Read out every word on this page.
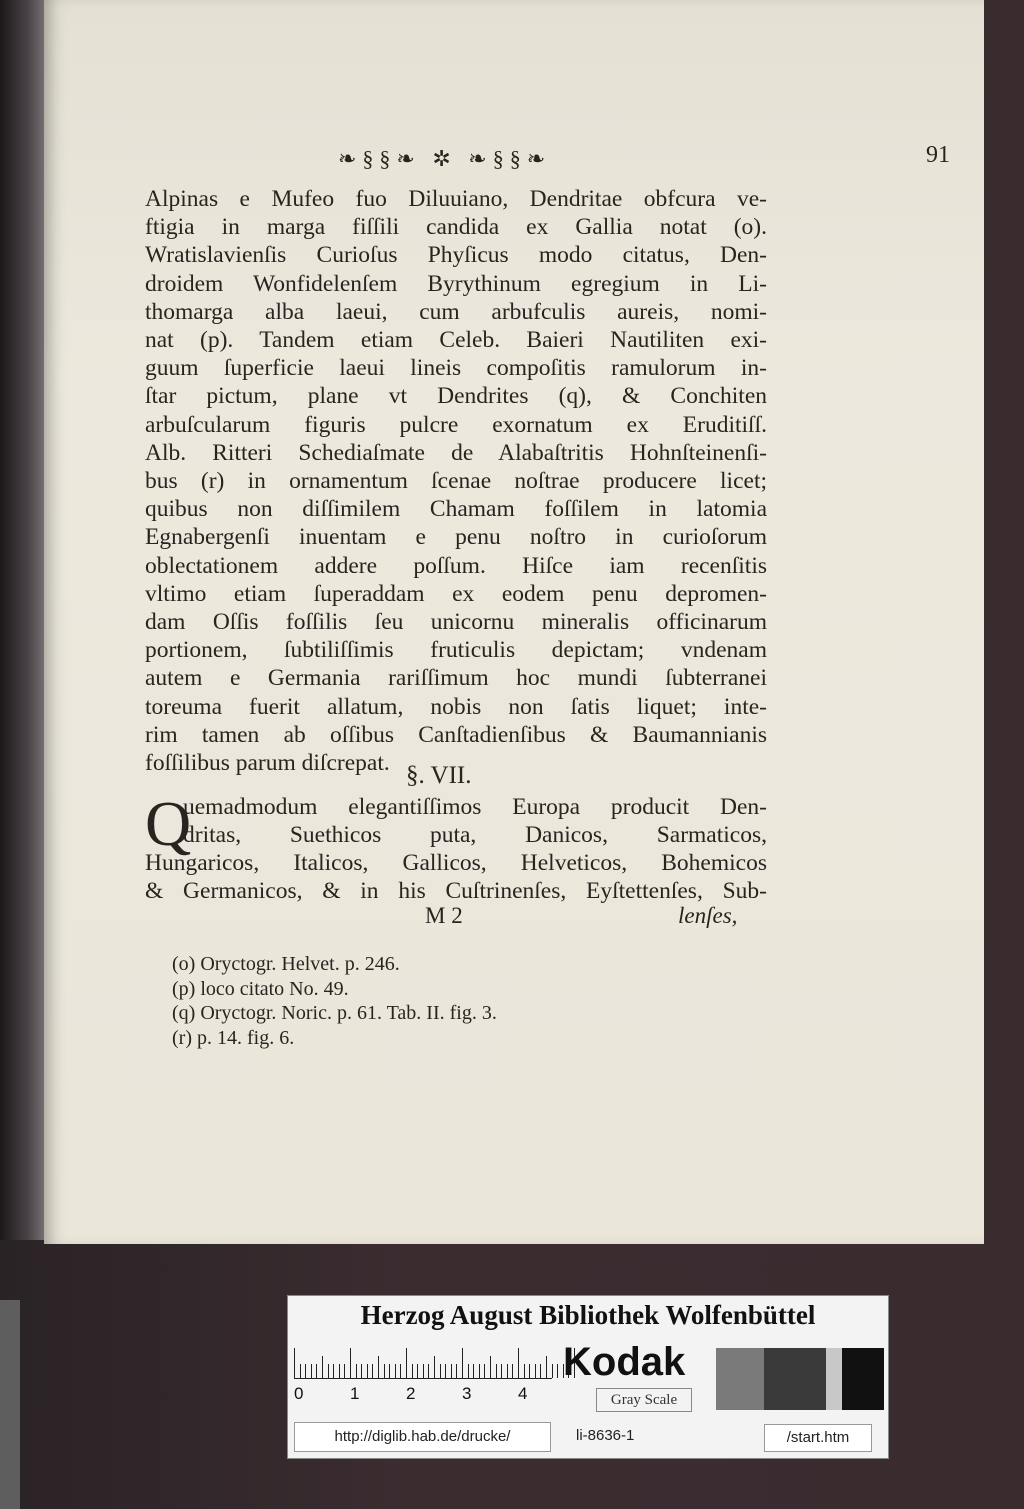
❧§§❧ ✲ ❧§§❧	91
Alpinas e Mufeo fuo Diluuiano, Dendritae obfcura ve-
ftigia in marga fiſſili candida ex Gallia notat (o).
Wratislavienſis Curioſus Phyſicus modo citatus, Den-
droidem Wonfidelenſem Byrythinum egregium in Li-
thomarga alba laeui, cum arbufculis aureis, nomi-
nat (p). Tandem etiam Celeb. Baieri Nautiliten exi-
guum ſuperficie laeui lineis compoſitis ramulorum in-
ſtar pictum, plane vt Dendrites (q), & Conchiten
arbuſcularum figuris pulcre exornatum ex Eruditiſſ.
Alb. Ritteri Schediaſmate de Alabaſtritis Hohnſteinenſi-
bus (r) in ornamentum ſcenae noſtrae producere licet;
quibus non diſſimilem Chamam foſſilem in latomia
Egnabergenſi inuentam e penu noſtro in curioſorum
oblectationem addere poſſum. Hiſce iam recenſitis
vltimo etiam ſuperaddam ex eodem penu depromen-
dam Oſſis foſſilis ſeu unicornu mineralis officinarum
portionem, ſubtiliſſimis fruticulis depictam; vndenam
autem e Germania rariſſimum hoc mundi ſubterranei
toreuma fuerit allatum, nobis non ſatis liquet; inte-
rim tamen ab oſſibus Canſtadienſibus & Baumannianis
foſſilibus parum diſcrepat. §. VII.
Q
uemadmodum elegantiſſimos Europa producit Den-
dritas, Suethicos puta, Danicos, Sarmaticos,
Hungaricos, Italicos, Gallicos, Helveticos, Bohemicos
& Germanicos, & in his Cuſtrinenſes, Eyſtettenſes, Sub-
M 2	lenſes,
(o) Oryctogr. Helvet. p. 246.
(p) loco citato No. 49.
(q) Oryctogr. Noric. p. 61. Tab. II. fig. 3.
(r) p. 14. fig. 6.
Herzog August Bibliothek Wolfenbüttel
0	1	2	3	4
Kodak
Gray Scale
http://diglib.hab.de/drucke/	li-8636-1	/start.htm
